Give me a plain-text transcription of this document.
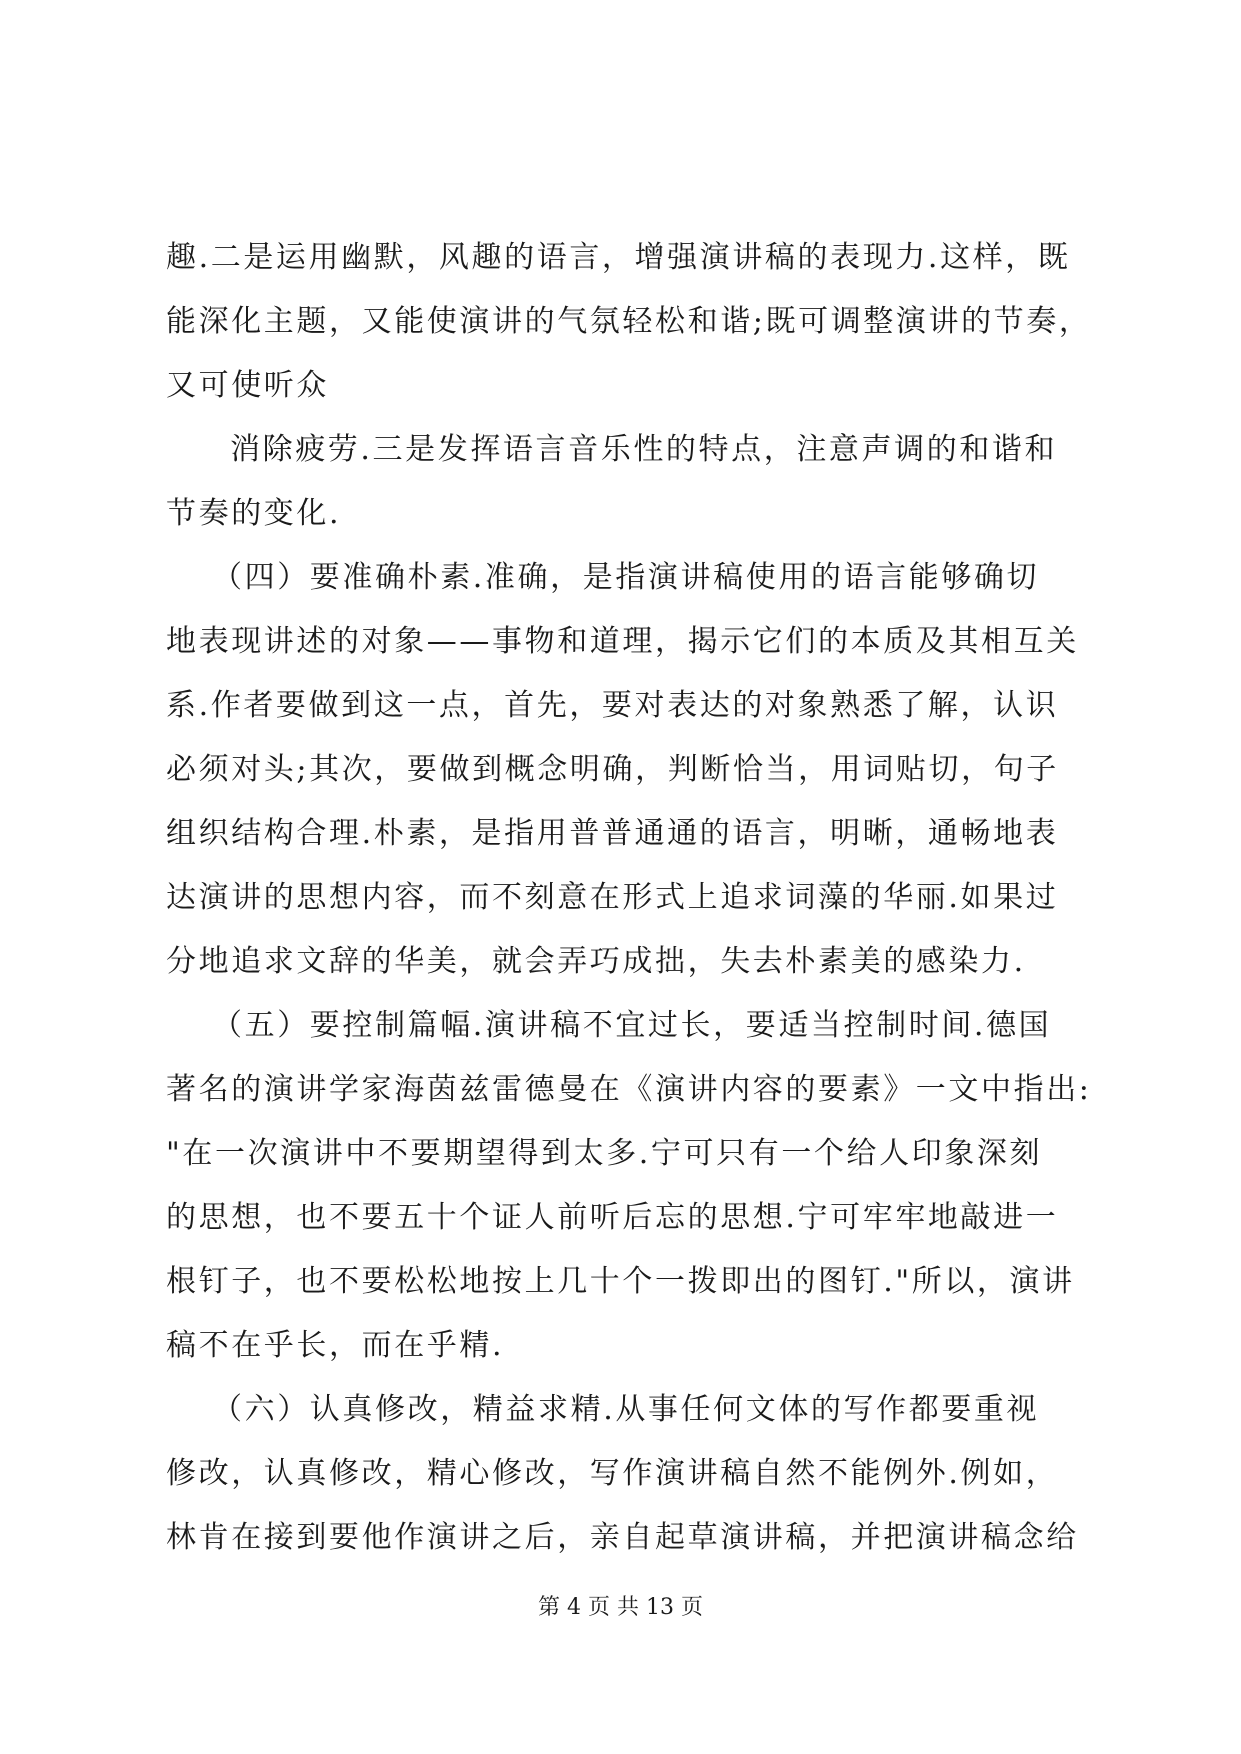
趣.二是运用幽默，风趣的语言，增强演讲稿的表现力.这样，既
能深化主题，又能使演讲的气氛轻松和谐;既可调整演讲的节奏，
又可使听众
消除疲劳.三是发挥语言音乐性的特点，注意声调的和谐和
节奏的变化.
（四）要准确朴素.准确，是指演讲稿使用的语言能够确切
地表现讲述的对象——事物和道理，揭示它们的本质及其相互关
系.作者要做到这一点，首先，要对表达的对象熟悉了解，认识
必须对头;其次，要做到概念明确，判断恰当，用词贴切，句子
组织结构合理.朴素，是指用普普通通的语言，明晰，通畅地表
达演讲的思想内容，而不刻意在形式上追求词藻的华丽.如果过
分地追求文辞的华美，就会弄巧成拙，失去朴素美的感染力.
（五）要控制篇幅.演讲稿不宜过长，要适当控制时间.德国
著名的演讲学家海茵兹雷德曼在《演讲内容的要素》一文中指出:
"在一次演讲中不要期望得到太多.宁可只有一个给人印象深刻
的思想，也不要五十个证人前听后忘的思想.宁可牢牢地敲进一
根钉子，也不要松松地按上几十个一拨即出的图钉."所以，演讲
稿不在乎长，而在乎精.
（六）认真修改，精益求精.从事任何文体的写作都要重视
修改，认真修改，精心修改，写作演讲稿自然不能例外.例如，
林肯在接到要他作演讲之后，亲自起草演讲稿，并把演讲稿念给
第 4 页 共 13 页
